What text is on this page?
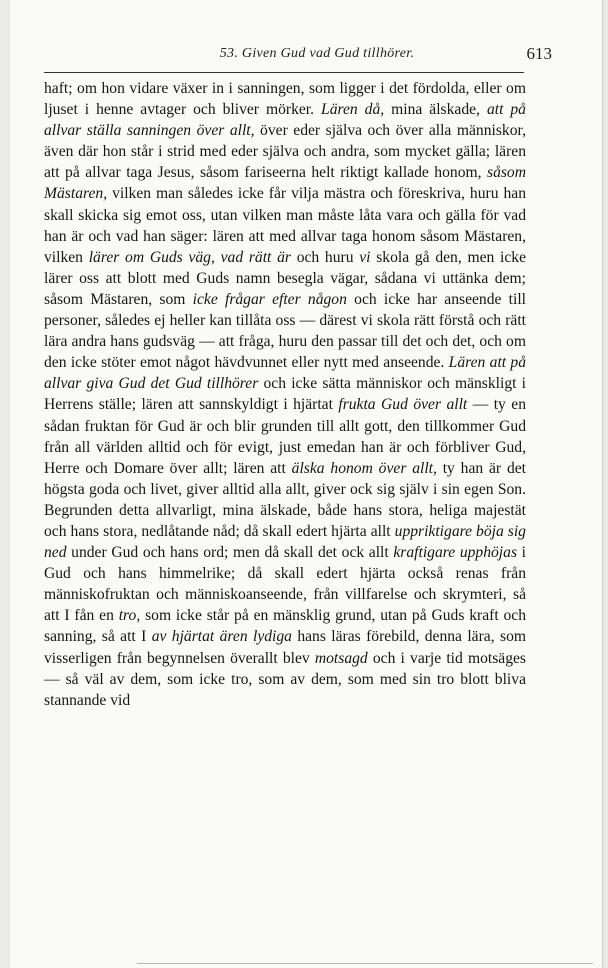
53. Given Gud vad Gud tillhörer.	613

haft; om hon vidare växer in i sanningen, som ligger i det fördolda, eller om ljuset i henne avtager och bliver mörker. Lären då, mina älskade, att på allvar ställa sanningen över allt, över eder själva och över alla människor, även där hon står i strid med eder själva och andra, som mycket gälla; lären att på allvar taga Jesus, såsom fariseerna helt riktigt kallade honom, såsom Mästaren, vilken man således icke får vilja mästra och föreskriva, huru han skall skicka sig emot oss, utan vilken man måste låta vara och gälla för vad han är och vad han säger: lären att med allvar taga honom såsom Mästaren, vilken lärer om Guds väg, vad rätt är och huru vi skola gå den, men icke lärer oss att blott med Guds namn besegla vägar, sådana vi uttänka dem; såsom Mästaren, som icke frågar efter någon och icke har anseende till personer, således ej heller kan tillåta oss — därest vi skola rätt förstå och rätt lära andra hans gudsväg — att fråga, huru den passar till det och det, och om den icke stöter emot något hävdvunnet eller nytt med anseende. Lären att på allvar giva Gud det Gud tillhörer och icke sätta människor och mänskligt i Herrens ställe; lären att sannskyldigt i hjärtat frukta Gud över allt — ty en sådan fruktan för Gud är och blir grunden till allt gott, den tillkommer Gud från all världen alltid och för evigt, just emedan han är och förbliver Gud, Herre och Domare över allt; lären att älska honom över allt, ty han är det högsta goda och livet, giver alltid alla allt, giver ock sig själv i sin egen Son. Begrunden detta allvarligt, mina älskade, både hans stora, heliga majestät och hans stora, nedlåtande nåd; då skall edert hjärta allt uppriktigare böja sig ned under Gud och hans ord; men då skall det ock allt kraftigare upphöjas i Gud och hans himmelrike; då skall edert hjärta också renas från människofruktan och människoanseende, från villfarelse och skrymteri, så att I fån en tro, som icke står på en mänsklig grund, utan på Guds kraft och sanning, så att I av hjärtat ären lydiga hans läras förebild, denna lära, som visserligen från begynnelsen överallt blev motsagd och i varje tid motsäges — så väl av dem, som icke tro, som av dem, som med sin tro blott bliva stannande vid
